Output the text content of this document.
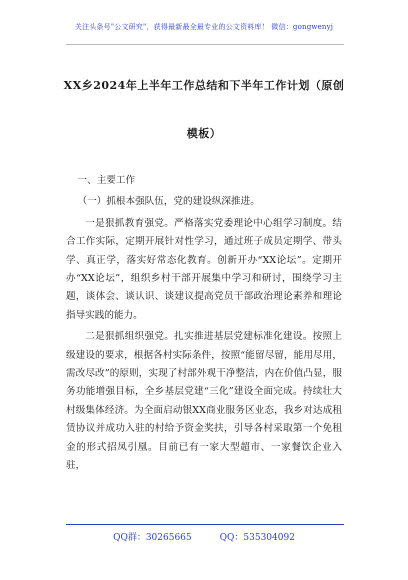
关注头条号"公文研究"，获得最新最全最专业的公文资料库！ 微信：gongwenyj
XX乡2024年上半年工作总结和下半年工作计划（原创模板）

一、主要工作

（一）抓根本强队伍，党的建设纵深推进。

一是狠抓教育强党。严格落实党委理论中心组学习制度。结合工作实际，定期开展针对性学习，通过班子成员定期学、带头学、真正学，落实好常态化教育。创新开办“XX论坛”。定期开办“XX论坛”，组织乡村干部开展集中学习和研讨，围绕学习主题，谈体会、谈认识、谈建议提高党员干部政治理论素养和理论指导实践的能力。

二是狠抓组织强党。扎实推进基层党建标准化建设。按照上级建设的要求，根据各村实际条件，按照“能留尽留，能用尽用，需改尽改”的原则，实现了村部外观干净整洁，内在价值凸显，服务功能增强目标，全乡基层党建“三化”建设全面完成。持续壮大村级集体经济。为全面启动银XX商业服务区业态，我乡对达成租赁协议并成功入驻的村给予资金奖扶，引导各村采取第一个免租金的形式招凤引凰。目前已有一家大型超市、一家餐饮企业入驻，

QQ群：30265665	QQ：535304092
